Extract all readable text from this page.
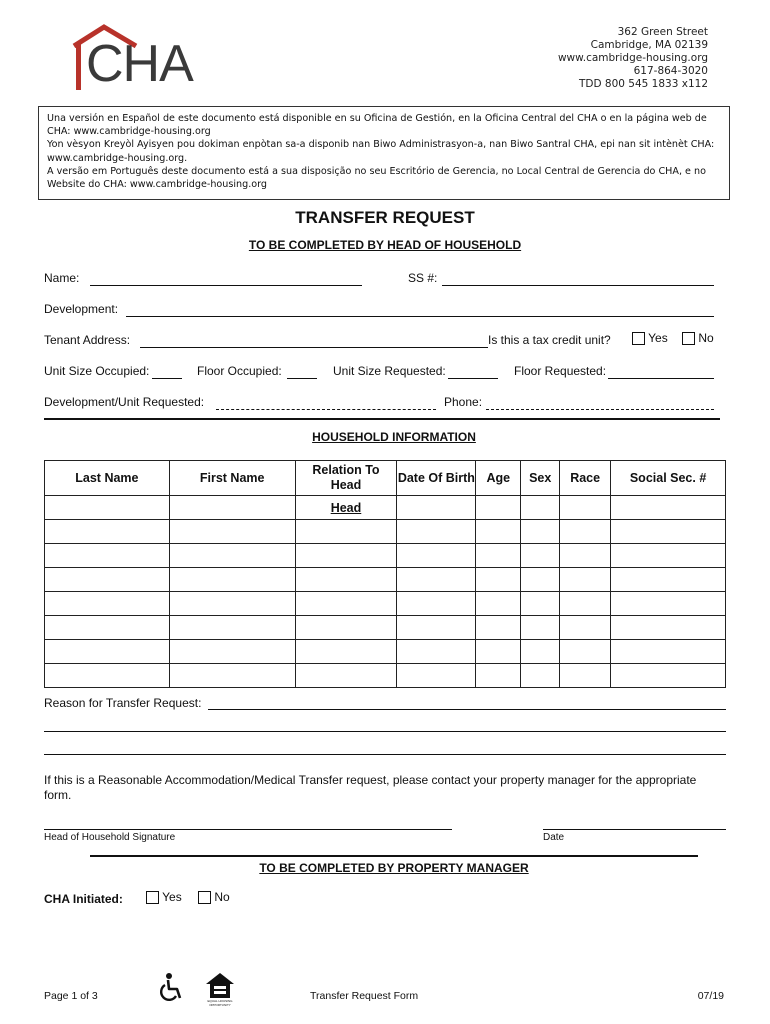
CHA
362 Green Street
Cambridge, MA 02139
www.cambridge-housing.org
617-864-3020
TDD 800 545 1833 x112
Una versión en Español de este documento está disponible en su Oficina de Gestión, en la Oficina Central del CHA o en la página web de CHA: www.cambridge-housing.org
Yon vèsyon Kreyòl Ayisyen pou dokiman enpòtan sa-a disponib nan Biwo Administrasyon-a, nan Biwo Santral CHA, epi nan sit intènèt CHA: www.cambridge-housing.org.
A versão em Português deste documento está a sua disposição no seu Escritório de Gerencia, no Local Central de Gerencia do CHA, e no Website do CHA: www.cambridge-housing.org
TRANSFER REQUEST
TO BE COMPLETED BY HEAD OF HOUSEHOLD
Name:	SS #:
Development:
Tenant Address:	Is this a tax credit unit?	Yes	No
Unit Size Occupied:	Floor Occupied:	Unit Size Requested:	Floor Requested:
Development/Unit Requested:	Phone:
HOUSEHOLD INFORMATION
Last Name	First Name	Relation To Head	Date Of Birth	Age	Sex	Race	Social Sec. #
		Head					

Reason for Transfer Request:
If this is a Reasonable Accommodation/Medical Transfer request, please contact your property manager for the appropriate form.
Head of Household Signature	Date
TO BE COMPLETED BY PROPERTY MANAGER
CHA Initiated:	Yes	No
Page 1 of 3	EQUAL HOUSING OPPORTUNITY
Transfer Request Form	07/19
